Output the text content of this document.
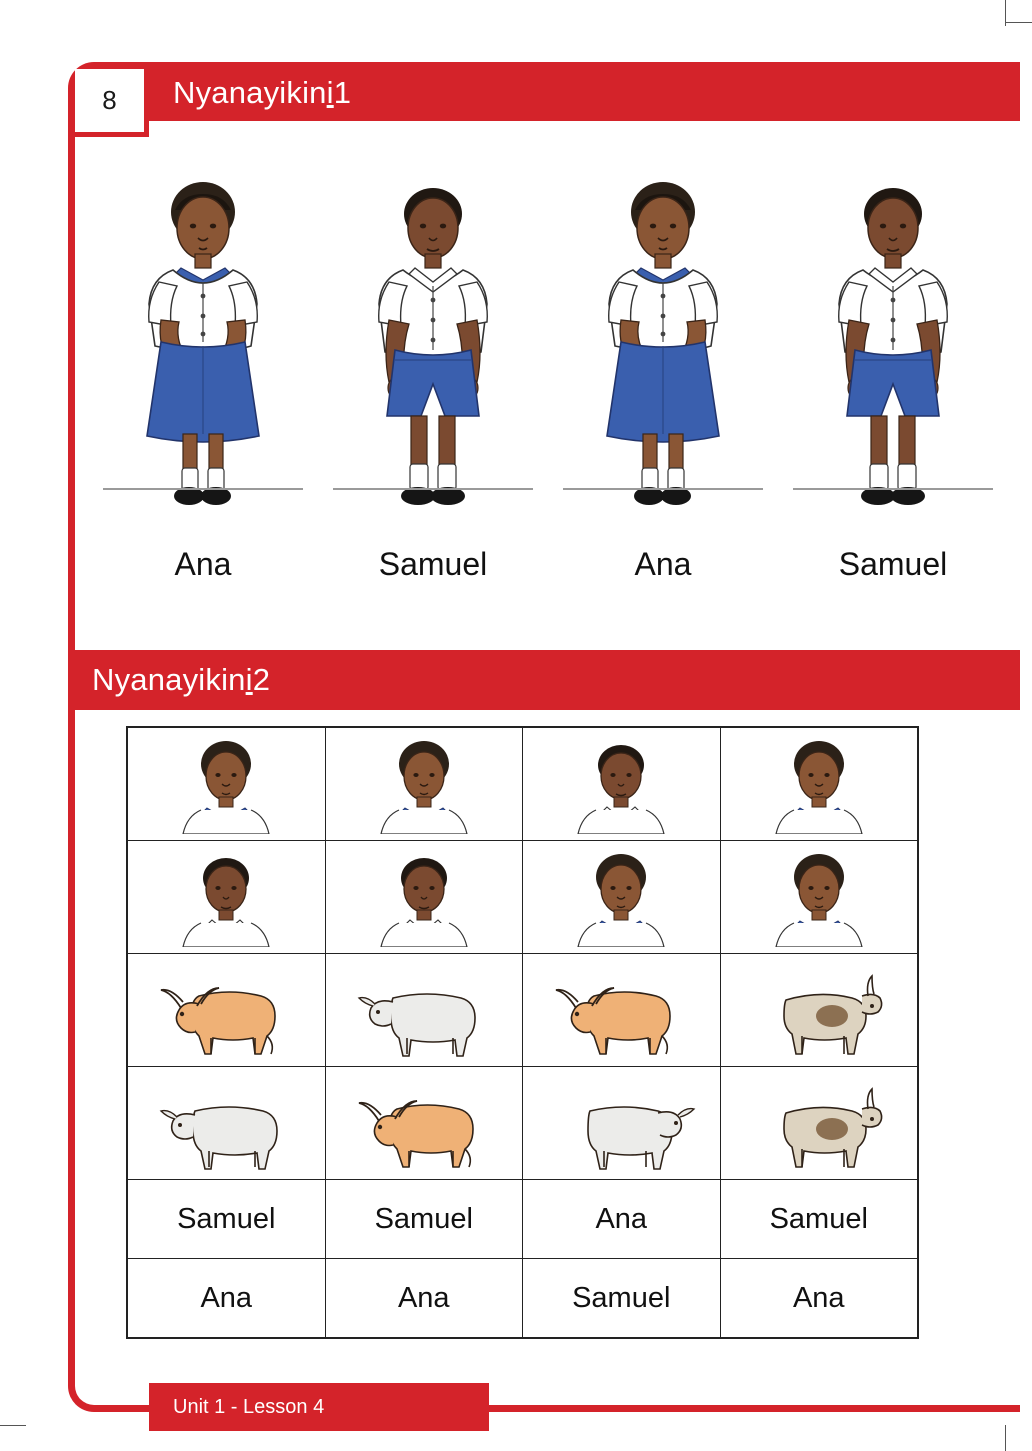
8	Nyanayikin i 1
Ana	Samuel	Ana	Samuel
Nyanayikin i 2

Samuel	Samuel	Ana	Samuel
Ana	Ana	Samuel	Ana
Unit 1 - Lesson 4
